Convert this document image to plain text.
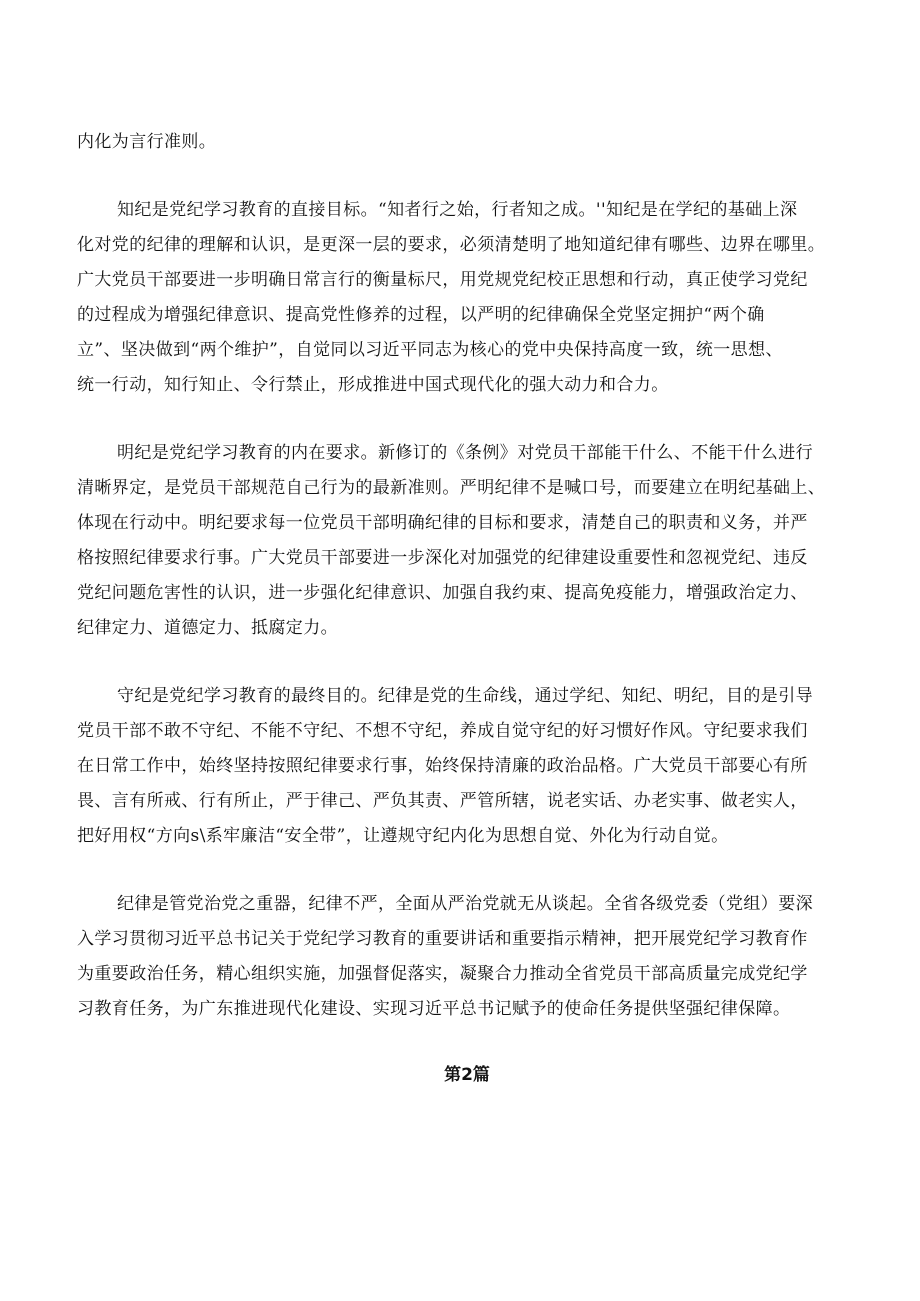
内化为言行准则。

知纪是党纪学习教育的直接目标。“知者行之始，行者知之成。''知纪是在学纪的基础上深
化对党的纪律的理解和认识，是更深一层的要求，必须清楚明了地知道纪律有哪些、边界在哪里。
广大党员干部要进一步明确日常言行的衡量标尺，用党规党纪校正思想和行动，真正使学习党纪
的过程成为增强纪律意识、提高党性修养的过程，以严明的纪律确保全党坚定拥护“两个确
立”、坚决做到“两个维护”，自觉同以习近平同志为核心的党中央保持高度一致，统一思想、
统一行动，知行知止、令行禁止，形成推进中国式现代化的强大动力和合力。

明纪是党纪学习教育的内在要求。新修订的《条例》对党员干部能干什么、不能干什么进行
清晰界定，是党员干部规范自己行为的最新准则。严明纪律不是喊口号，而要建立在明纪基础上、
体现在行动中。明纪要求每一位党员干部明确纪律的目标和要求，清楚自己的职责和义务，并严
格按照纪律要求行事。广大党员干部要进一步深化对加强党的纪律建设重要性和忽视党纪、违反
党纪问题危害性的认识，进一步强化纪律意识、加强自我约束、提高免疫能力，增强政治定力、
纪律定力、道德定力、抵腐定力。

守纪是党纪学习教育的最终目的。纪律是党的生命线，通过学纪、知纪、明纪，目的是引导
党员干部不敢不守纪、不能不守纪、不想不守纪，养成自觉守纪的好习惯好作风。守纪要求我们
在日常工作中，始终坚持按照纪律要求行事，始终保持清廉的政治品格。广大党员干部要心有所
畏、言有所戒、行有所止，严于律己、严负其责、严管所辖，说老实话、办老实事、做老实人，
把好用权“方向s\系牢廉洁“安全带”，让遵规守纪内化为思想自觉、外化为行动自觉。

纪律是管党治党之重器，纪律不严，全面从严治党就无从谈起。全省各级党委（党组）要深
入学习贯彻习近平总书记关于党纪学习教育的重要讲话和重要指示精神，把开展党纪学习教育作
为重要政治任务，精心组织实施，加强督促落实，凝聚合力推动全省党员干部高质量完成党纪学
习教育任务，为广东推进现代化建设、实现习近平总书记赋予的使命任务提供坚强纪律保障。

第2篇
